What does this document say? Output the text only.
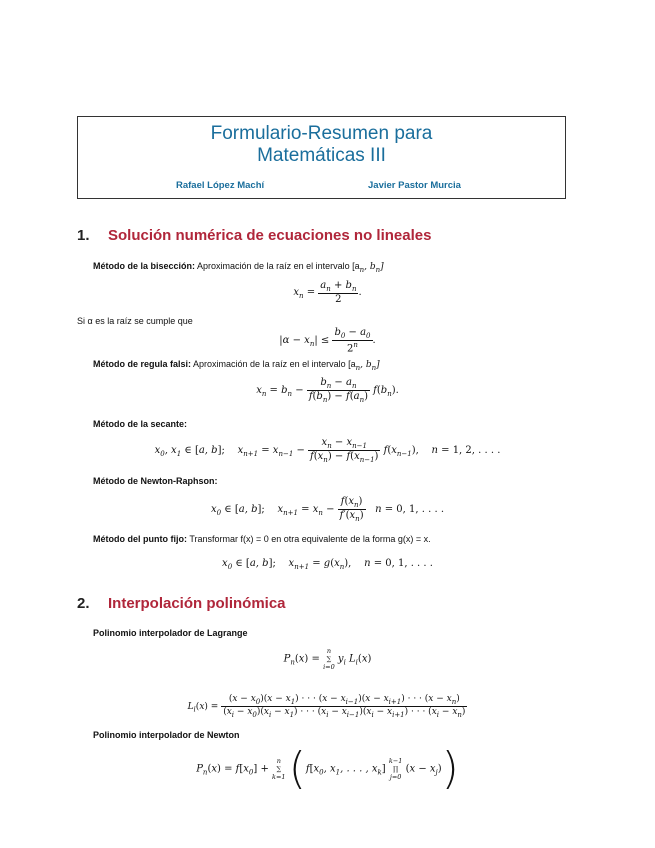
Formulario-Resumen para
Matemáticas III
Rafael López Machí	Javier Pastor Murcia
1. Solución numérica de ecuaciones no lineales
Método de la bisección: Aproximación de la raíz en el intervalo [$a_n$, $b_n$]
$x_n = \frac{a_n + b_n}{2}$ .
Si α es la raíz se cumple que
$|\alpha - x_n| \le \frac{b_0 - a_0}{2^n}$ .
Método de regula falsi: Aproximación de la raíz en el intervalo [$a_n$, $b_n$]
$x_n = b_n - \frac{b_n - a_n}{f(b_n) - f(a_n)} f(b_n)$.
Método de la secante:
$x_0$, $x_1$ ∈ [a, b];    $x_{n+1} = x_{n-1} - \frac{x_n - x_{n-1}}{f(x_n) - f(x_{n-1})} f(x_{n-1})$,    n = 1, 2, . . . .
Método de Newton-Raphson:
$x_0$ ∈ [a, b];    $x_{n+1} = x_n - \frac{f(x_n)}{f'(x_n)}$ n = 0, 1, . . . .
Método del punto fijo: Transformar f(x) = 0 en otra equivalente de la forma g(x) = x.
$x_0$ ∈ [a, b];    $x_{n+1} = g(x_n)$,    n = 0, 1, . . . .
2. Interpolación polinómica
Polinomio interpolador de Lagrange
$P_n(x)$ =
n
∑
i=0
$y_i$ $L_i(x)$
$L_i(x)$ =
$(x - x_0)(x - x_1)$ · · · $(x - x_{i-1})(x - x_{i+1})$ · · · $(x - x_n)$
$(x_i - x_0)(x_i - x_1)$ · · · $(x_i - x_{i-1})(x_i - x_{i+1})$ · · · $(x_i - x_n)$
Polinomio interpolador de Newton
$P_n(x) = f[x_0]$ +
n
∑
k=1 ($f[x_0$, $x_1$, . . . , $x_k$]
k−1
∏
j=0
$(x - x_j)$)
